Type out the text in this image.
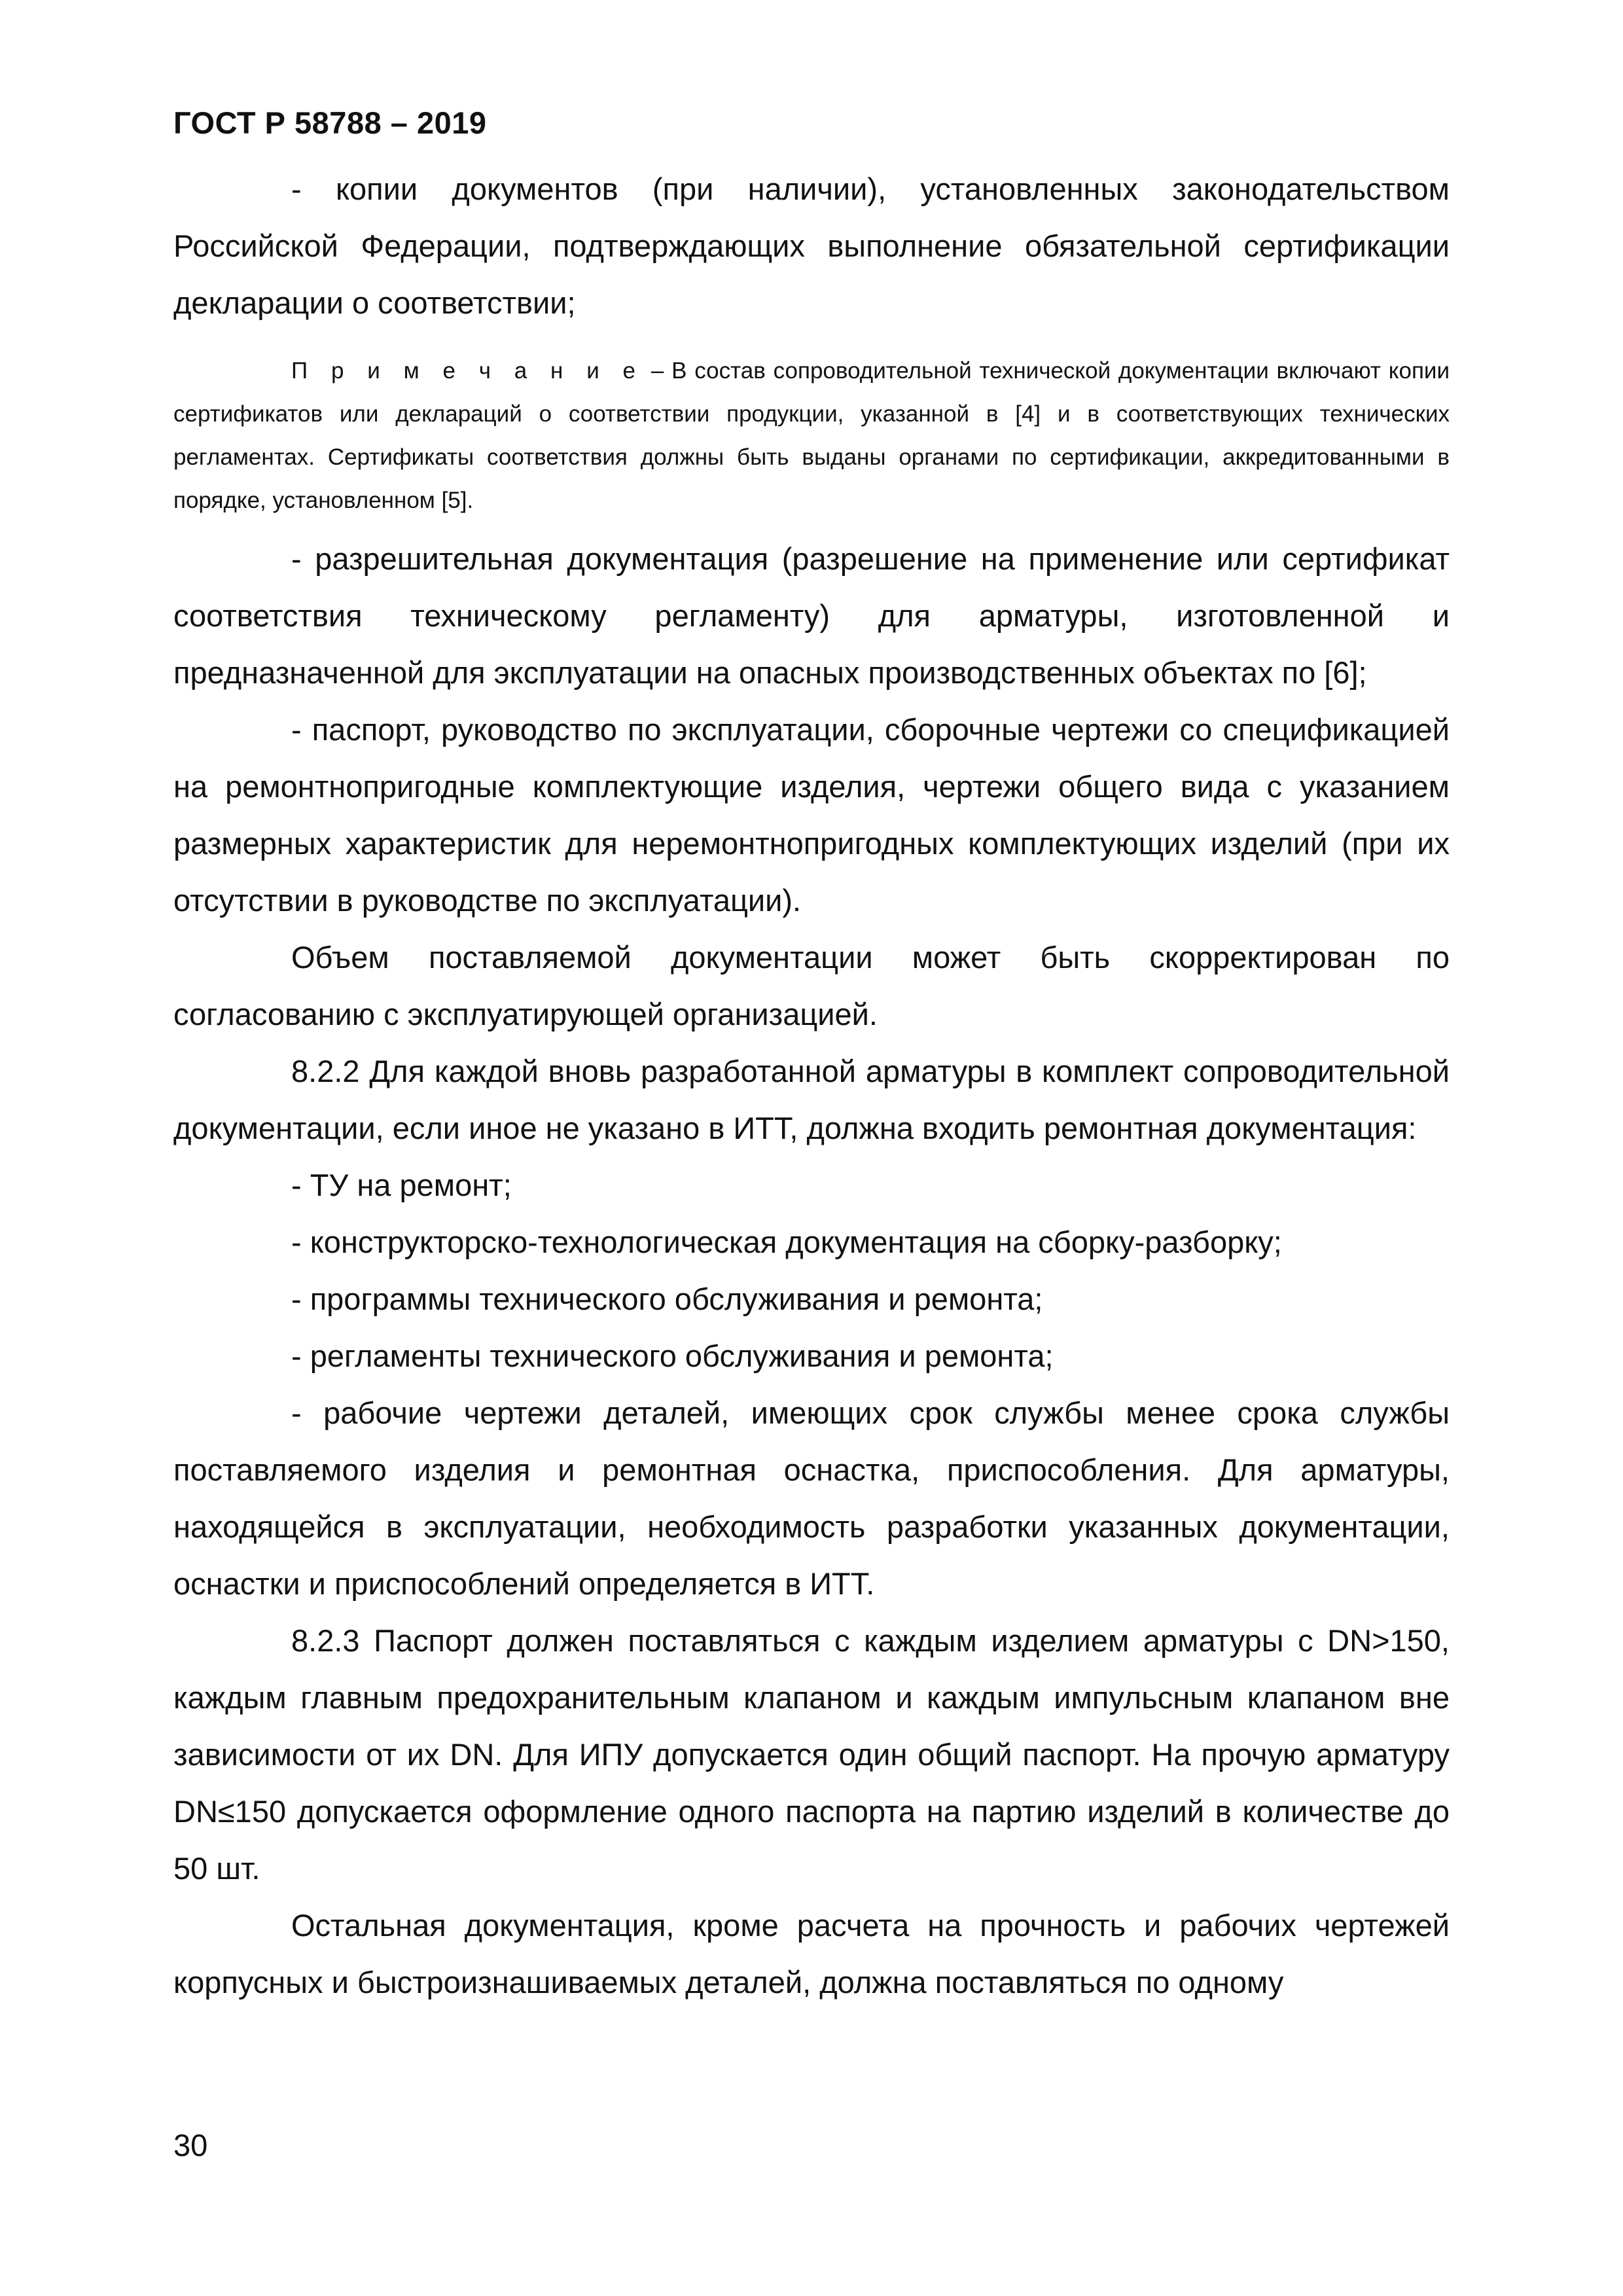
ГОСТ Р 58788 – 2019

- копии документов (при наличии), установленных законодательством Российской Федерации, подтверждающих выполнение обязательной сертификации декларации о соответствии;

П р и м е ч а н и е – В состав сопроводительной технической документации включают копии сертификатов или деклараций о соответствии продукции, указанной в [4] и в соответствующих технических регламентах. Сертификаты соответствия должны быть выданы органами по сертификации, аккредитованными в порядке, установленном [5].

- разрешительная документация (разрешение на применение или сертификат соответствия техническому регламенту) для арматуры, изготовленной и предназначенной для эксплуатации на опасных производственных объектах по [6];

- паспорт, руководство по эксплуатации, сборочные чертежи со спецификацией на ремонтнопригодные комплектующие изделия, чертежи общего вида с указанием размерных характеристик для неремонтнопригодных комплектующих изделий (при их отсутствии в руководстве по эксплуатации).

Объем поставляемой документации может быть скорректирован по согласованию с эксплуатирующей организацией.

8.2.2 Для каждой вновь разработанной арматуры в комплект сопроводительной документации, если иное не указано в ИТТ, должна входить ремонтная документация:

- ТУ на ремонт;

- конструкторско-технологическая документация на сборку-разборку;

- программы технического обслуживания и ремонта;

- регламенты технического обслуживания и ремонта;

- рабочие чертежи деталей, имеющих срок службы менее срока службы поставляемого изделия и ремонтная оснастка, приспособления. Для арматуры, находящейся в эксплуатации, необходимость разработки указанных документации, оснастки и приспособлений определяется в ИТТ.

8.2.3 Паспорт должен поставляться с каждым изделием арматуры с DN>150, каждым главным предохранительным клапаном и каждым импульсным клапаном вне зависимости от их DN. Для ИПУ допускается один общий паспорт. На прочую арматуру DN≤150 допускается оформление одного паспорта на партию изделий в количестве до 50 шт.

Остальная документация, кроме расчета на прочность и рабочих чертежей корпусных и быстроизнашиваемых деталей, должна поставляться по одному

30
